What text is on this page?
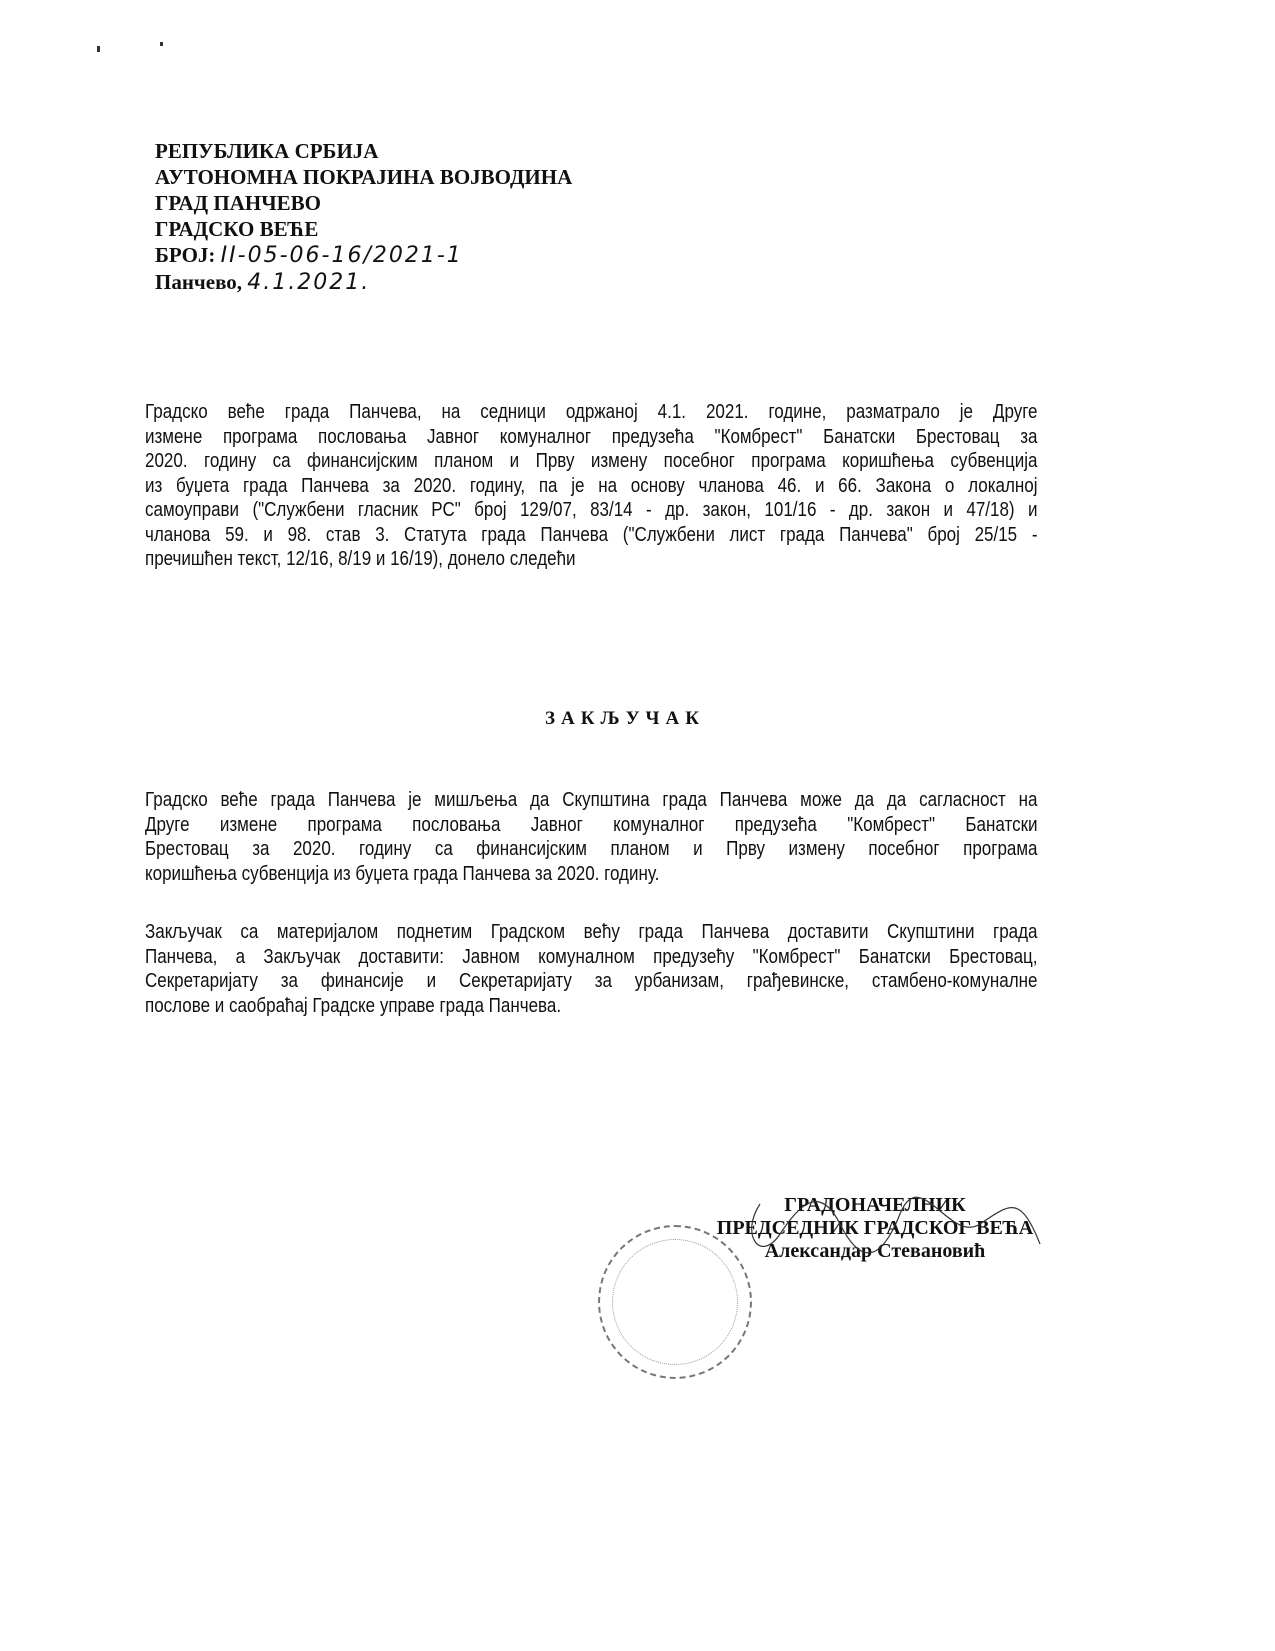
РЕПУБЛИКА СРБИЈА
АУТОНОМНА ПОКРАЈИНА ВОЈВОДИНА
ГРАД ПАНЧЕВО
ГРАДСКО ВЕЋЕ
БРОЈ: II-05-06-16/2021-1
Панчево, 4.1.2021.
Градско веће града Панчева, на седници одржаној 4.1. 2021. године, разматрало је Друге
измене програма пословања Јавног комуналног предузећа "Комбрест" Банатски Брестовац за
2020. годину са финансијским планом и Прву измену посебног програма коришћења субвенција
из буџета града Панчева за 2020. годину, па је на основу чланова 46. и 66. Закона о локалној
самоуправи ("Службени гласник РС" број 129/07, 83/14 - др. закон, 101/16 - др. закон и 47/18) и
чланова 59. и 98. став 3. Статута града Панчева ("Службени лист града Панчева" број 25/15 -
пречишћен текст, 12/16, 8/19 и 16/19), донело следећи
ЗАКЉУЧАК
Градско веће града Панчева је мишљења да Скупштина града Панчева може да да сагласност на
Друге измене програма пословања Јавног комуналног предузећа "Комбрест" Банатски
Брестовац за 2020. годину са финансијским планом и Прву измену посебног програма
коришћења субвенција из буџета града Панчева за 2020. годину.
Закључак са материјалом поднетим Градском већу града Панчева доставити Скупштини града
Панчева, а Закључак доставити: Јавном комуналном предузећу "Комбрест" Банатски Брестовац,
Секретаријату за финансије и Секретаријату за урбанизам, грађевинске, стамбено-комуналне
послове и саобраћај Градске управе града Панчева.
ГРАДОНАЧЕЛНИК
ПРЕДСЕДНИК ГРАДСКОГ ВЕЋА
Александар Стевановић
